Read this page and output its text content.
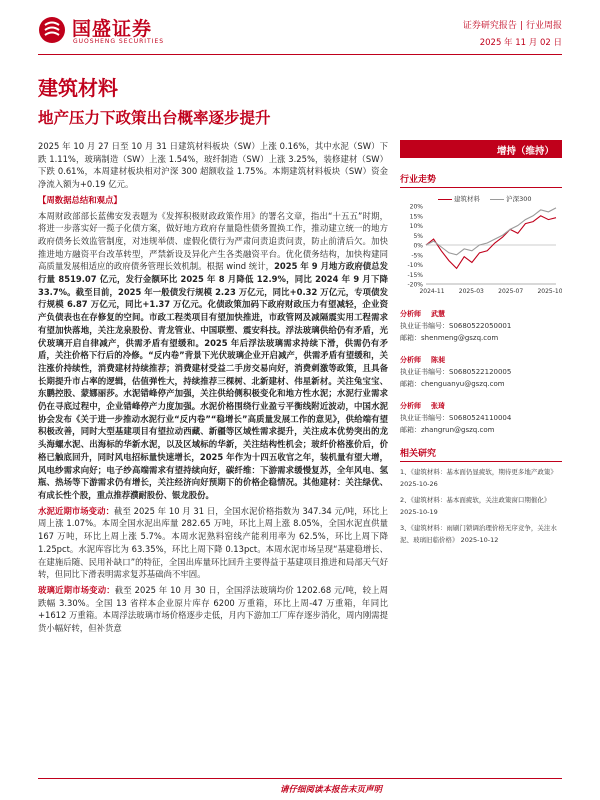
国盛证券
GUOSHENG SECURITIES
证券研究报告 | 行业周报
2025 年 11 月 02 日
建筑材料
地产压力下政策出台概率逐步提升

2025 年 10 月 27 日至 10 月 31 日建筑材料板块（SW）上涨 0.16%，其中水泥（SW）下跌 1.11%，玻璃制造（SW）上涨 1.54%，玻纤制造（SW）上涨 3.25%，装修建材（SW）下跌 0.61%，本周建材板块相对沪深 300 超额收益 1.75%。本期建筑材料板块（SW）资金净流入额为+0.19 亿元。

【周数据总结和观点】

本周财政部部长蓝佛安发表题为《发挥积极财政政策作用》的署名文章，指出“十五五”时期，将进一步落实好一揽子化债方案，做好地方政府存量隐性债务置换工作，推动建立统一的地方政府债务长效监管制度，对违规举债、虚假化债行为严肃问责追责问责，防止前清后欠。加快推进地方融资平台改革转型，严禁新设及异化产生各类融资平台。优化债务结构，加快构建同高质量发展相适应的政府债务管理长效机制。根据 wind 统计，2025 年 9 月地方政府债总发行量 8519.07 亿元，发行金额环比 2025 年 8 月降低 12.9%，同比 2024 年 9 月下降 33.7%。截至目前，2025 年一般债发行规模 2.23 万亿元，同比+0.32 万亿元，专项债发行规模 6.87 万亿元，同比+1.37 万亿元。化债政策加码下政府财政压力有望减轻，企业资产负债表也在存修复的空间。市政工程类项目有望加快推进，市政管网及减隔震实用工程需求有望加快落地，关注龙泉股份、青龙管业、中国联塑、震安科技。浮法玻璃供给仍有矛盾，光伏玻璃开启自律减产，供需矛盾有望缓和。2025 年后浮法玻璃需求持续下滑，供需仍有矛盾，关注价格下行后的冷修。“反内卷”背景下光伏玻璃企业开启减产，供需矛盾有望缓和，关注涨价持续性，消费建材持续推荐；消费建材受益二手房交易向好，消费刺激等政策，且具备长期提升市占率的逻辑，估值弹性大，持续推荐三棵树、北新建材、伟星新材。关注兔宝宝、东鹏控股、蒙娜丽莎。水泥错峰停产加强，关注供给侧积极变化和地方性水泥；水泥行业需求仍在寻底过程中，企业错峰停产力度加强。水泥价格围绕行业盈亏平衡线附近波动，中国水泥协会发布《关于进一步推动水泥行业“反内卷”“稳增长”高质量发展工作的意见》，供给端有望积极改善，同时大型基建项目有望拉动西藏、新疆等区域性需求提升，关注成本优势突出的龙头海螺水泥、出海标的华新水泥，以及区域标的华新，关注结构性机会；玻纤价格涨价后，价格已触底回升，同时风电招标量快速增长，2025 年作为十四五收官之年，装机量有望大增，风电纱需求向好；电子纱高端需求有望持续向好，碳纤维：下游需求缓慢复苏，全年风电、氢瓶、热场等下游需求仍有增长，关注经济向好预期下的价格企稳情况。其他建材：关注绿优、有成长性个股，重点推荐濮耐股份、银龙股份。

水泥近期市场变动：截至 2025 年 10 月 31 日，全国水泥价格指数为 347.34 元/吨，环比上周上涨 1.07%。本周全国水泥出库量 282.65 万吨，环比上周上涨 8.05%，全国水泥直供量 167 万吨，环比上周上涨 5.7%。本周水泥熟料窑线产能利用率为 62.5%，环比上周下降 1.25pct。水泥库容比为 63.35%，环比上周下降 0.13pct。本周水泥市场呈现“基建稳增长、在建施后随、民用补缺口”的特征，全国出库量环比回升主要得益于基建项目推进和局部天气好转，但同比下滑表明需求复苏基础尚不牢固。

玻璃近期市场变动：截至 2025 年 10 月 30 日，全国浮法玻璃均价 1202.68 元/吨，较上周跌幅 3.30%。全国 13 省样本企业原片库存 6200 万重箱，环比上周-47 万重箱，年同比+1612 万重箱。本周浮法玻璃市场价格逐步走低，月内下游加工厂库存逐步消化，周内刚需提货小幅好转，但补货意

增持（维持）
行业走势
建筑材料	沪深300
20%
15%
10%
5%
0%
-5%
-10%
-15%
-20%
2024-11 2025-03 2025-07 2025-10
分析师 武慧
执业证书编号：S0680522050001
邮箱：shenmeng@gszq.com
分析师 陈昶
执业证书编号：S0680522120005
邮箱：chenguanyu@gszq.com
分析师 张琦
执业证书编号：S0680524110004
邮箱：zhangrun@gszq.com
相关研究
1、《建筑材料：基本面仍显疲软，期待更多地产政策》 2025-10-26
2、《建筑材料：基本面疲软，关注政策窗口期催化》 2025-10-19
3、《建筑材料：雨刷门锁调治理价格无序竞争，关注水泥、玻璃旧临价格》 2025-10-12
请仔细阅读本报告末页声明
